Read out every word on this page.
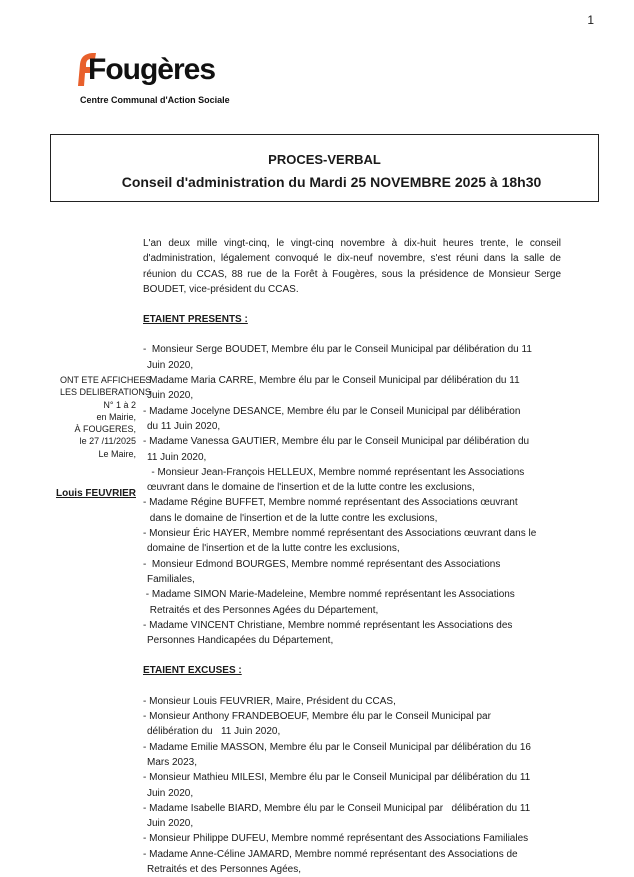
1
Fougères
Centre Communal d'Action Sociale
PROCES-VERBAL
Conseil d'administration du Mardi 25 NOVEMBRE 2025 à 18h30
ONT ETE AFFICHEES
LES DELIBERATIONS
N° 1 à 2
en Mairie,
À FOUGERES,
le 27 /11/2025
Le Maire,
Louis FEUVRIER

L'an deux mille vingt-cinq, le vingt-cinq novembre à dix-huit heures trente, le conseil d'administration, légalement convoqué le dix-neuf novembre, s'est réuni dans la salle de réunion du CCAS, 88 rue de la Forêt à Fougères, sous la présidence de Monsieur Serge BOUDET, vice-président du CCAS.

ETAIENT PRESENTS :

-  Monsieur Serge BOUDET, Membre élu par le Conseil Municipal par délibération du 11
Juin 2020,
- Madame Maria CARRE, Membre élu par le Conseil Municipal par délibération du 11
Juin 2020,
- Madame Jocelyne DESANCE, Membre élu par le Conseil Municipal par délibération
du 11 Juin 2020,
- Madame Vanessa GAUTIER, Membre élu par le Conseil Municipal par délibération du
11 Juin 2020,
- Monsieur Jean-François HELLEUX, Membre nommé représentant les Associations
œuvrant dans le domaine de l'insertion et de la lutte contre les exclusions,
- Madame Régine BUFFET, Membre nommé représentant des Associations œuvrant
dans le domaine de l'insertion et de la lutte contre les exclusions,
- Monsieur Éric HAYER, Membre nommé représentant des Associations œuvrant dans le
domaine de l'insertion et de la lutte contre les exclusions,
-  Monsieur Edmond BOURGES, Membre nommé représentant des Associations
Familiales,
- Madame SIMON Marie-Madeleine, Membre nommé représentant les Associations
Retraités et des Personnes Agées du Département,
- Madame VINCENT Christiane, Membre nommé représentant les Associations des
Personnes Handicapées du Département,

ETAIENT EXCUSES :

- Monsieur Louis FEUVRIER, Maire, Président du CCAS,
- Monsieur Anthony FRANDEBOEUF, Membre élu par le Conseil Municipal par
délibération du   11 Juin 2020,
- Madame Emilie MASSON, Membre élu par le Conseil Municipal par délibération du 16
Mars 2023,
- Monsieur Mathieu MILESI, Membre élu par le Conseil Municipal par délibération du 11
Juin 2020,
- Madame Isabelle BIARD, Membre élu par le Conseil Municipal par   délibération du 11
Juin 2020,
- Monsieur Philippe DUFEU, Membre nommé représentant des Associations Familiales
- Madame Anne-Céline JAMARD, Membre nommé représentant des Associations de
Retraités et des Personnes Agées,
